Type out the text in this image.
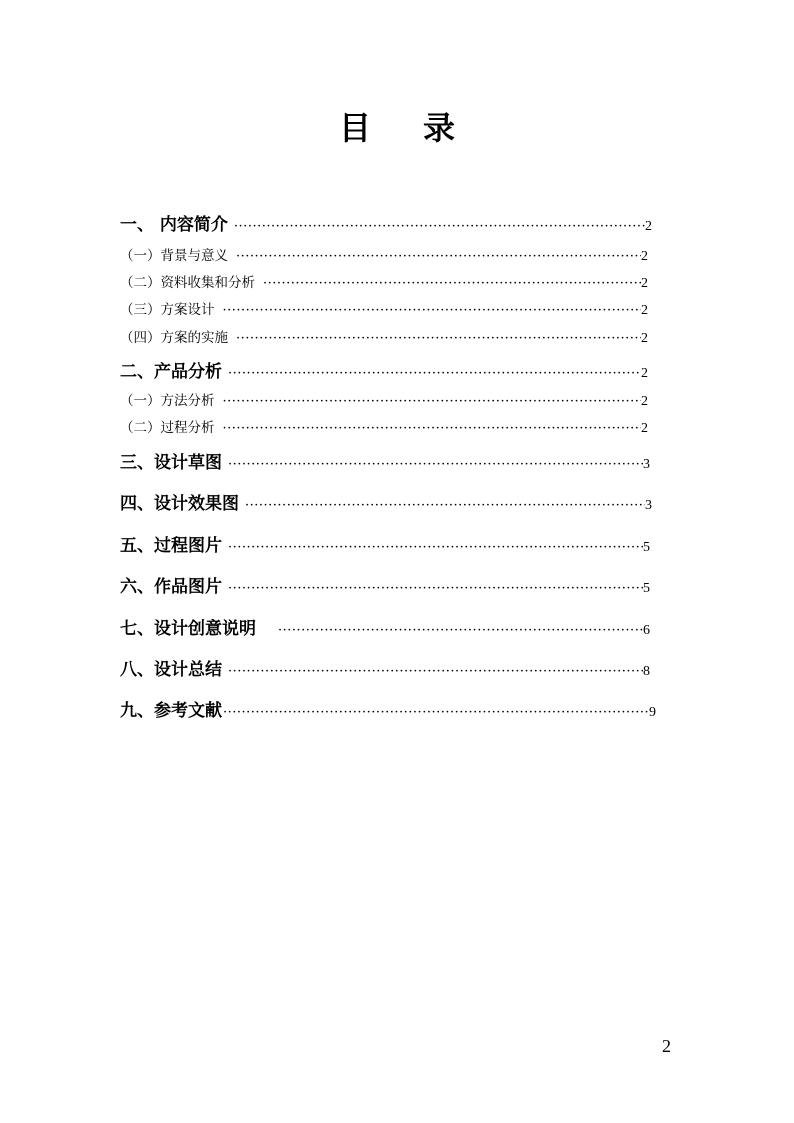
目 录
一、 内容简介 ·····	2
（一）背景与意义 ·····	2
（二）资料收集和分析 ·····	2
（三）方案设计 ·····	2
（四）方案的实施 ·····	2
二、产品分析 ·····	2
（一）方法分析 ·····	2
（二）过程分析 ·····	2
三、设计草图 ·····	3
四、设计效果图 ·····	3
五、过程图片 ·····	5
六、作品图片 ·····	5
七、设计创意说明 ·····	6
八、设计总结 ·····	8
九、参考文献 ·····	9
2
